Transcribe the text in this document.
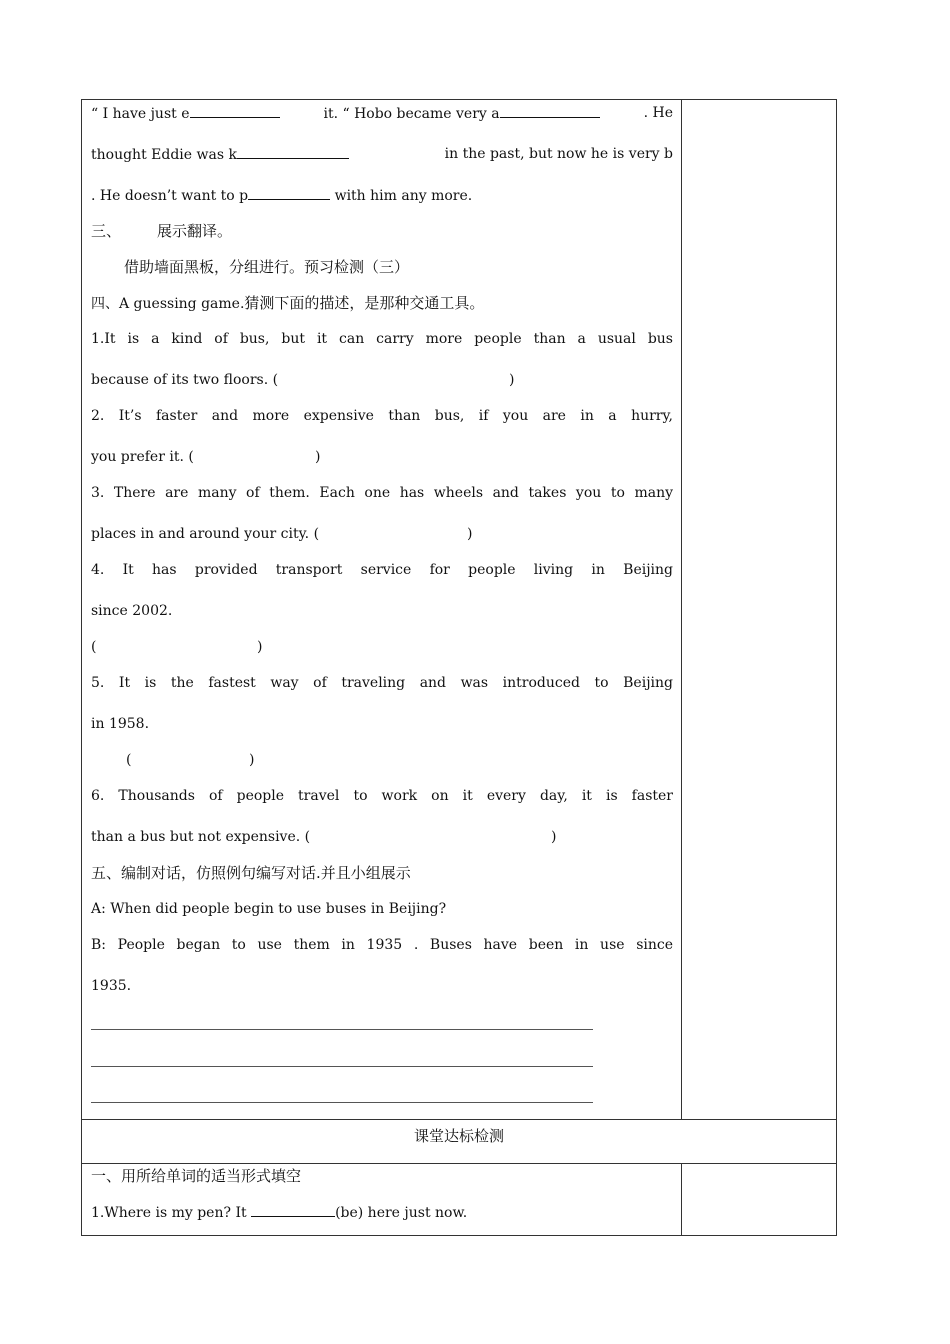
“ I have just e	it. “ Hobo became very a	. He
thought Eddie was k	in the past, but now he is very b
. He doesn’t want to p	with him any more.
三、 展示翻译。
借助墙面黑板，分组进行。预习检测（三）
四、A guessing game.猜测下面的描述，是那种交通工具。
1.It is a kind of bus, but it can carry more people than a usual bus
because of its two floors. (	)
2. It’s faster and more expensive than bus, if you are in a hurry,
you prefer it. (	)
3. There are many of them. Each one has wheels and takes you to many
places in and around your city. (	)
4. It has provided transport service for people living in Beijing
since 2002.
(	)
5. It is the fastest way of traveling and was introduced to Beijing
in 1958.
(	)
6. Thousands of people travel to work on it every day, it is faster
than a bus but not expensive. (	)
五、编制对话，仿照例句编写对话.并且小组展示
A: When did people begin to use buses in Beijing?
B: People began to use them in 1935 . Buses have been in use since
1935.
课堂达标检测
一、用所给单词的适当形式填空
1.Where is my pen? It	(be) here just now.
